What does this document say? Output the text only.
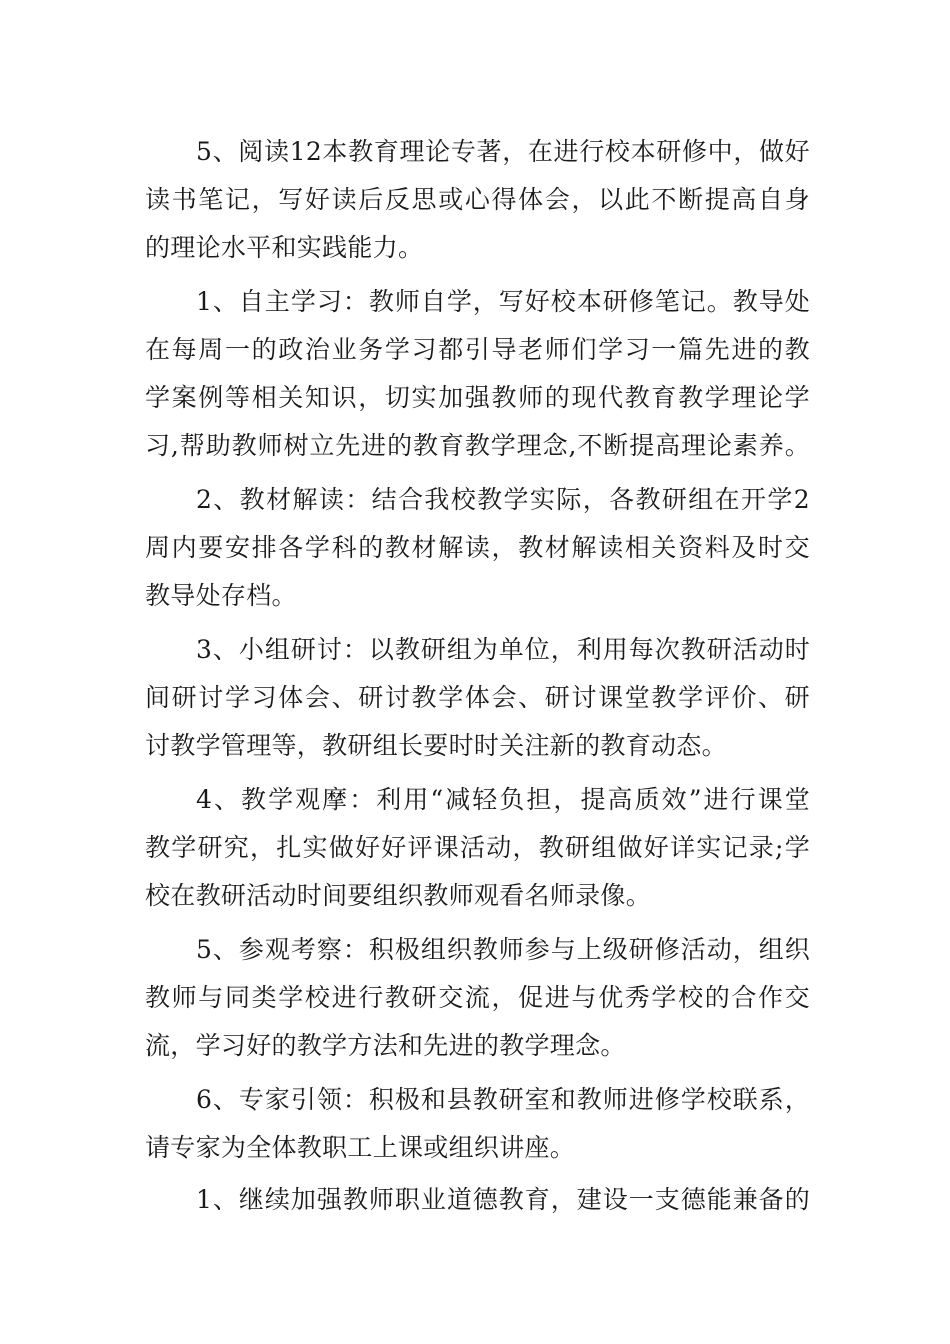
5、阅读12本教育理论专著，在进行校本研修中，做好
读书笔记，写好读后反思或心得体会，以此不断提高自身
的理论水平和实践能力。
1、自主学习：教师自学，写好校本研修笔记。教导处
在每周一的政治业务学习都引导老师们学习一篇先进的教
学案例等相关知识，切实加强教师的现代教育教学理论学
习,帮助教师树立先进的教育教学理念,不断提高理论素养。
2、教材解读：结合我校教学实际，各教研组在开学2
周内要安排各学科的教材解读，教材解读相关资料及时交
教导处存档。
3、小组研讨：以教研组为单位，利用每次教研活动时
间研讨学习体会、研讨教学体会、研讨课堂教学评价、研
讨教学管理等，教研组长要时时关注新的教育动态。
4、教学观摩：利用“减轻负担，提高质效”进行课堂
教学研究，扎实做好好评课活动，教研组做好详实记录;学
校在教研活动时间要组织教师观看名师录像。
5、参观考察：积极组织教师参与上级研修活动，组织
教师与同类学校进行教研交流，促进与优秀学校的合作交
流，学习好的教学方法和先进的教学理念。
6、专家引领：积极和县教研室和教师进修学校联系，
请专家为全体教职工上课或组织讲座。
1、继续加强教师职业道德教育，建设一支德能兼备的
